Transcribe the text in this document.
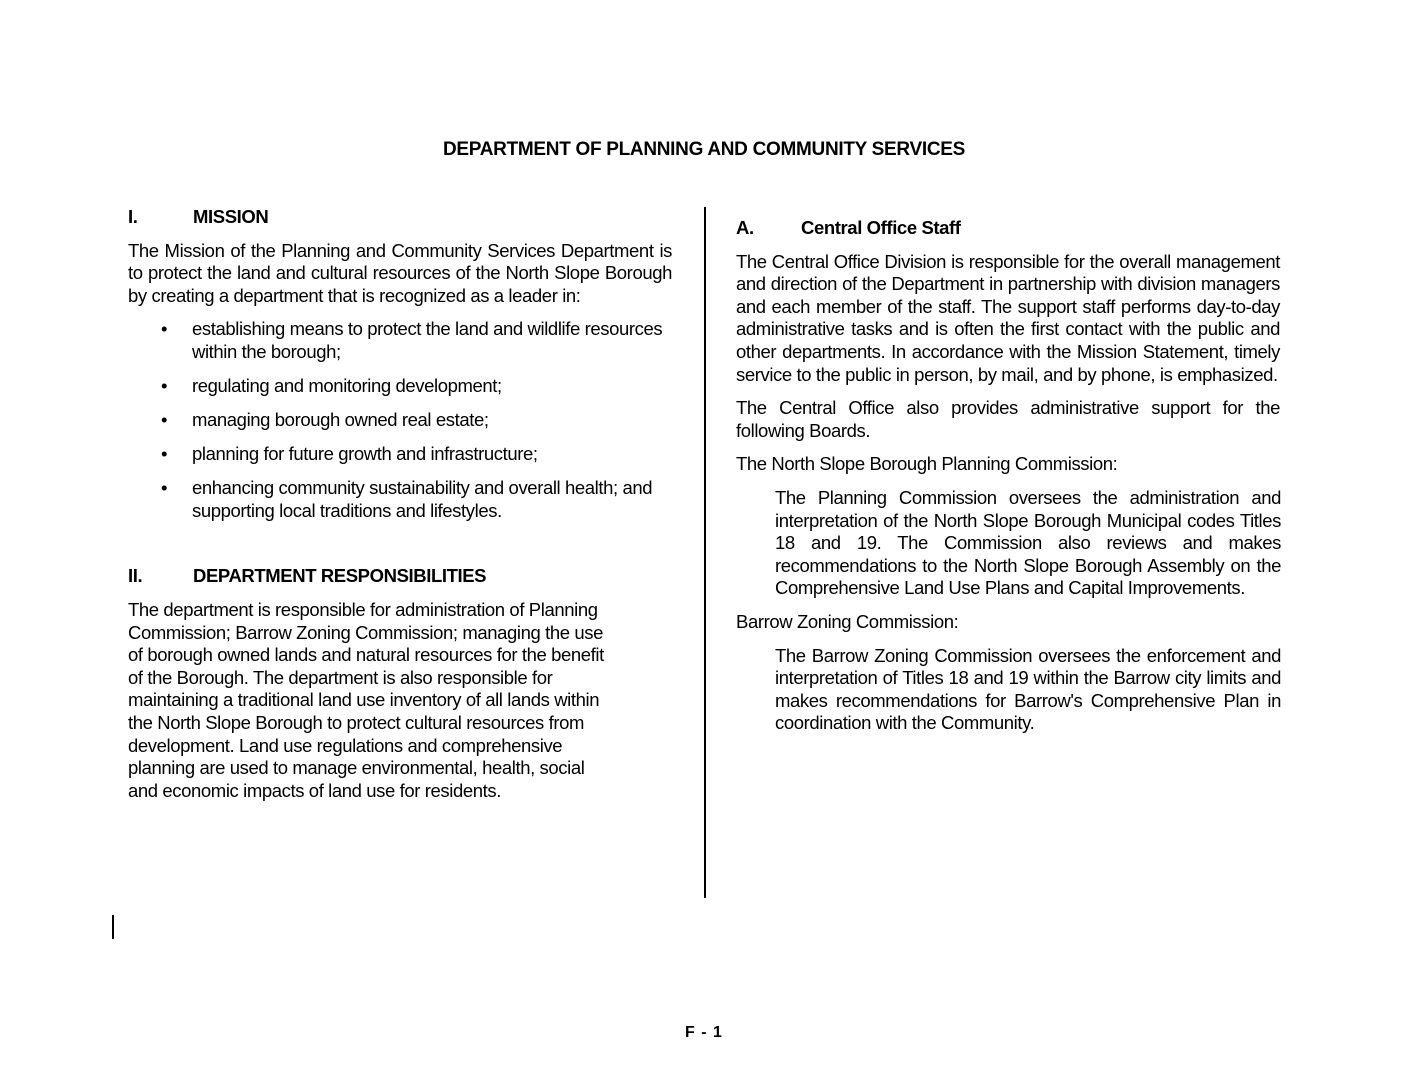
DEPARTMENT OF PLANNING AND COMMUNITY SERVICES
I.	MISSION

The Mission of the Planning and Community Services Department is to protect the land and cultural resources of the North Slope Borough by creating a department that is recognized as a leader in:

• establishing means to protect the land and wildlife resources within the borough;
• regulating and monitoring development;
• managing borough owned real estate;
• planning for future growth and infrastructure;
• enhancing community sustainability and overall health; and supporting local traditions and lifestyles.
II.	DEPARTMENT RESPONSIBILITIES
The department is responsible for administration of Planning
Commission; Barrow Zoning Commission; managing the use
of borough owned lands and natural resources for the benefit
of the Borough. The department is also responsible for
maintaining a traditional land use inventory of all lands within
the North Slope Borough to protect cultural resources from
development. Land use regulations and comprehensive
planning are used to manage environmental, health, social
and economic impacts of land use for residents.
A.	Central Office Staff

The Central Office Division is responsible for the overall management and direction of the Department in partnership with division managers and each member of the staff. The support staff performs day-to-day administrative tasks and is often the first contact with the public and other departments. In accordance with the Mission Statement, timely service to the public in person, by mail, and by phone, is emphasized.

The Central Office also provides administrative support for the following Boards.

The North Slope Borough Planning Commission:

The Planning Commission oversees the administration and interpretation of the North Slope Borough Municipal codes Titles 18 and 19. The Commission also reviews and makes recommendations to the North Slope Borough Assembly on the Comprehensive Land Use Plans and Capital Improvements.

Barrow Zoning Commission:

The Barrow Zoning Commission oversees the enforcement and interpretation of Titles 18 and 19 within the Barrow city limits and makes recommendations for Barrow's Comprehensive Plan in coordination with the Community.

F - 1
